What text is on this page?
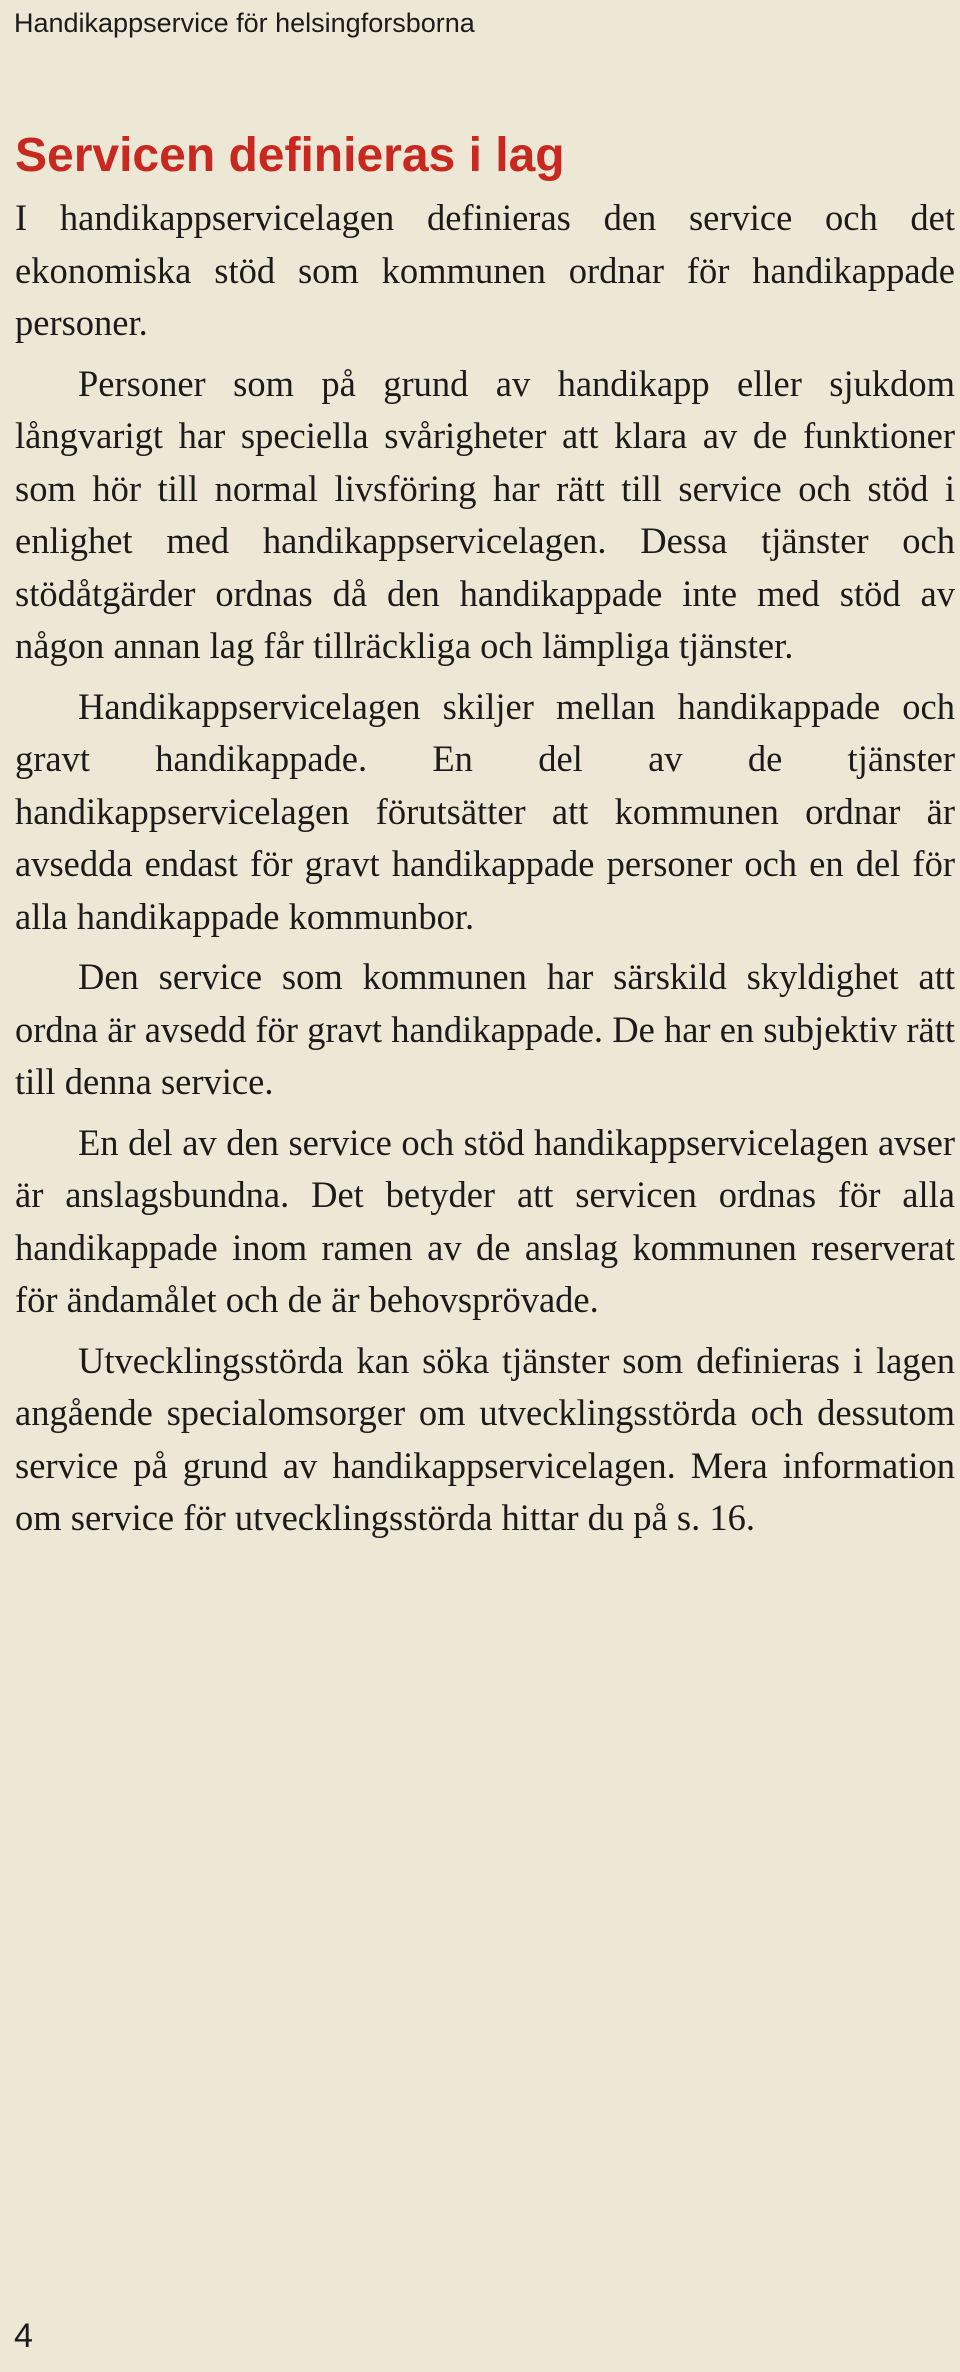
Handikappservice för helsingforsborna
Servicen definieras i lag

I handikappservicelagen definieras den service och det ekonomiska stöd som kommunen ordnar för handikappade personer.

Personer som på grund av handikapp eller sjukdom långvarigt har speciella svårigheter att klara av de funktioner som hör till normal livsföring har rätt till service och stöd i enlighet med handikappservicelagen. Dessa tjänster och stödåtgärder ordnas då den handikappade inte med stöd av någon annan lag får tillräckliga och lämpliga tjänster.

Handikappservicelagen skiljer mellan handikappade och gravt handikappade. En del av de tjänster handikappservicelagen förutsätter att kommunen ordnar är avsedda endast för gravt handikappade personer och en del för alla handikappade kommunbor.

Den service som kommunen har särskild skyldighet att ordna är avsedd för gravt handikappade. De har en subjektiv rätt till denna service.

En del av den service och stöd handikappservicelagen avser är anslagsbundna. Det betyder att servicen ordnas för alla handikappade inom ramen av de anslag kommunen reserverat för ändamålet och de är behovsprövade.

Utvecklingsstörda kan söka tjänster som definieras i lagen angående specialomsorger om utvecklingsstörda och dessutom service på grund av handikappservicelagen. Mera information om service för utvecklingsstörda hittar du på s. 16.

4
